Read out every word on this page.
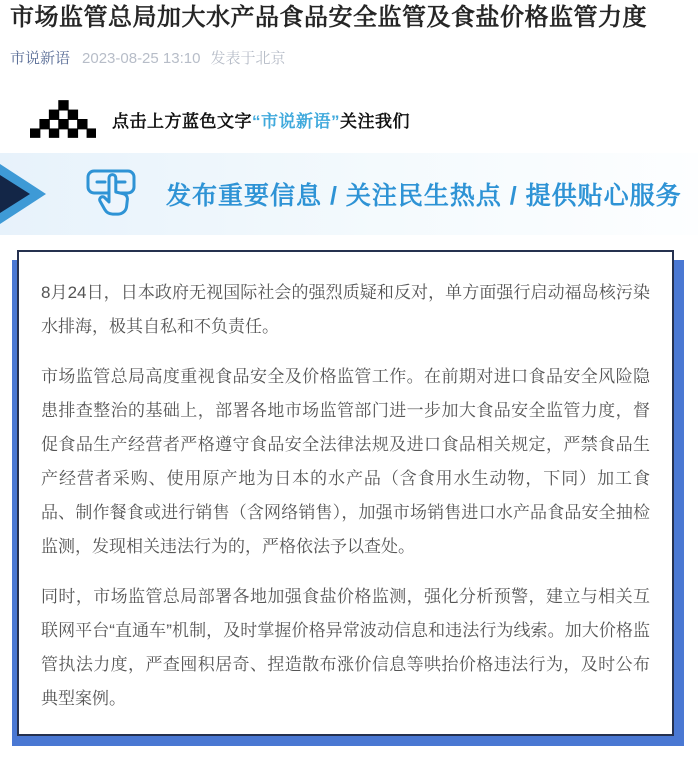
市场监管总局加大水产品食品安全监管及食盐价格监管力度
市说新语 2023-08-25 13:10 发表于北京
点击上方蓝色文字“市说新语”关注我们
发布重要信息 / 关注民生热点 / 提供贴心服务

8月24日，日本政府无视国际社会的强烈质疑和反对，单方面强行启动福岛核污染水排海，极其自私和不负责任。

市场监管总局高度重视食品安全及价格监管工作。在前期对进口食品安全风险隐患排查整治的基础上，部署各地市场监管部门进一步加大食品安全监管力度，督促食品生产经营者严格遵守食品安全法律法规及进口食品相关规定，严禁食品生产经营者采购、使用原产地为日本的水产品（含食用水生动物，下同）加工食品、制作餐食或进行销售（含网络销售），加强市场销售进口水产品食品安全抽检监测，发现相关违法行为的，严格依法予以查处。

同时，市场监管总局部署各地加强食盐价格监测，强化分析预警，建立与相关互联网平台“直通车”机制，及时掌握价格异常波动信息和违法行为线索。加大价格监管执法力度，严查囤积居奇、捏造散布涨价信息等哄抬价格违法行为，及时公布典型案例。
